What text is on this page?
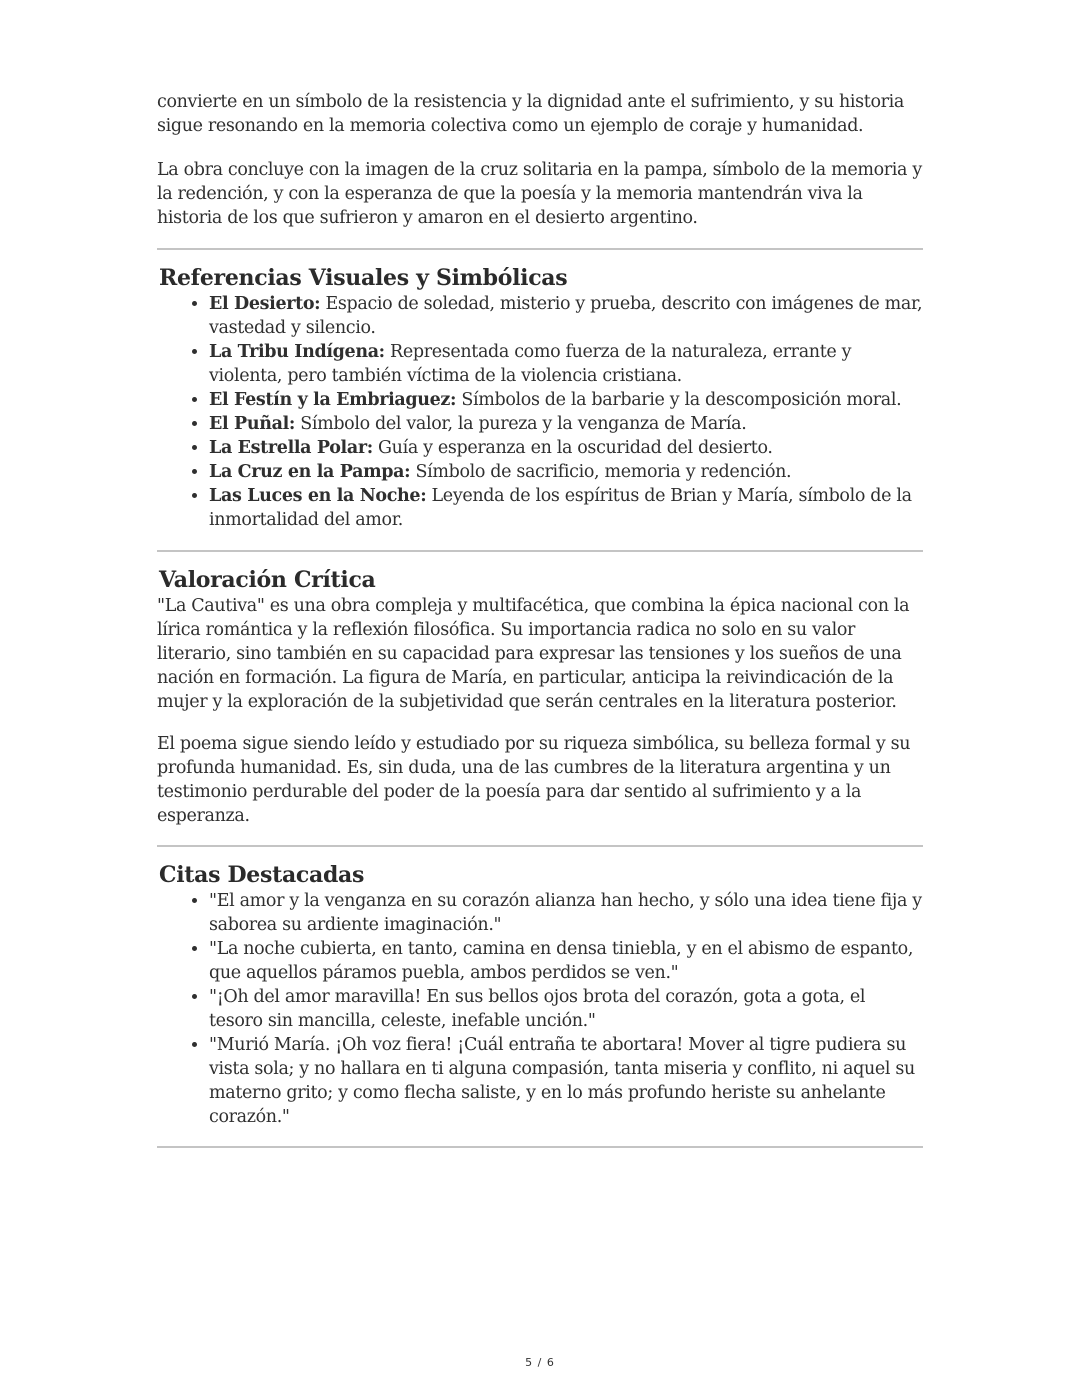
convierte en un símbolo de la resistencia y la dignidad ante el sufrimiento, y su historia sigue resonando en la memoria colectiva como un ejemplo de coraje y humanidad.

La obra concluye con la imagen de la cruz solitaria en la pampa, símbolo de la memoria y la redención, y con la esperanza de que la poesía y la memoria mantendrán viva la historia de los que sufrieron y amaron en el desierto argentino.

Referencias Visuales y Simbólicas
• El Desierto: Espacio de soledad, misterio y prueba, descrito con imágenes de mar, vastedad y silencio.
• La Tribu Indígena: Representada como fuerza de la naturaleza, errante y violenta, pero también víctima de la violencia cristiana.
• El Festín y la Embriaguez: Símbolos de la barbarie y la descomposición moral.
• El Puñal: Símbolo del valor, la pureza y la venganza de María.
• La Estrella Polar: Guía y esperanza en la oscuridad del desierto.
• La Cruz en la Pampa: Símbolo de sacrificio, memoria y redención.
• Las Luces en la Noche: Leyenda de los espíritus de Brian y María, símbolo de la inmortalidad del amor.
Valoración Crítica

"La Cautiva" es una obra compleja y multifacética, que combina la épica nacional con la lírica romántica y la reflexión filosófica. Su importancia radica no solo en su valor literario, sino también en su capacidad para expresar las tensiones y los sueños de una nación en formación. La figura de María, en particular, anticipa la reivindicación de la mujer y la exploración de la subjetividad que serán centrales en la literatura posterior.

El poema sigue siendo leído y estudiado por su riqueza simbólica, su belleza formal y su profunda humanidad. Es, sin duda, una de las cumbres de la literatura argentina y un testimonio perdurable del poder de la poesía para dar sentido al sufrimiento y a la esperanza.

Citas Destacadas
• "El amor y la venganza en su corazón alianza han hecho, y sólo una idea tiene fija y saborea su ardiente imaginación."
• "La noche cubierta, en tanto, camina en densa tiniebla, y en el abismo de espanto, que aquellos páramos puebla, ambos perdidos se ven."
• "¡Oh del amor maravilla! En sus bellos ojos brota del corazón, gota a gota, el tesoro sin mancilla, celeste, inefable unción."
• "Murió María. ¡Oh voz fiera! ¡Cuál entraña te abortara! Mover al tigre pudiera su vista sola; y no hallara en ti alguna compasión, tanta miseria y conflito, ni aquel su materno grito; y como flecha saliste, y en lo más profundo heriste su anhelante corazón."
5 / 6
